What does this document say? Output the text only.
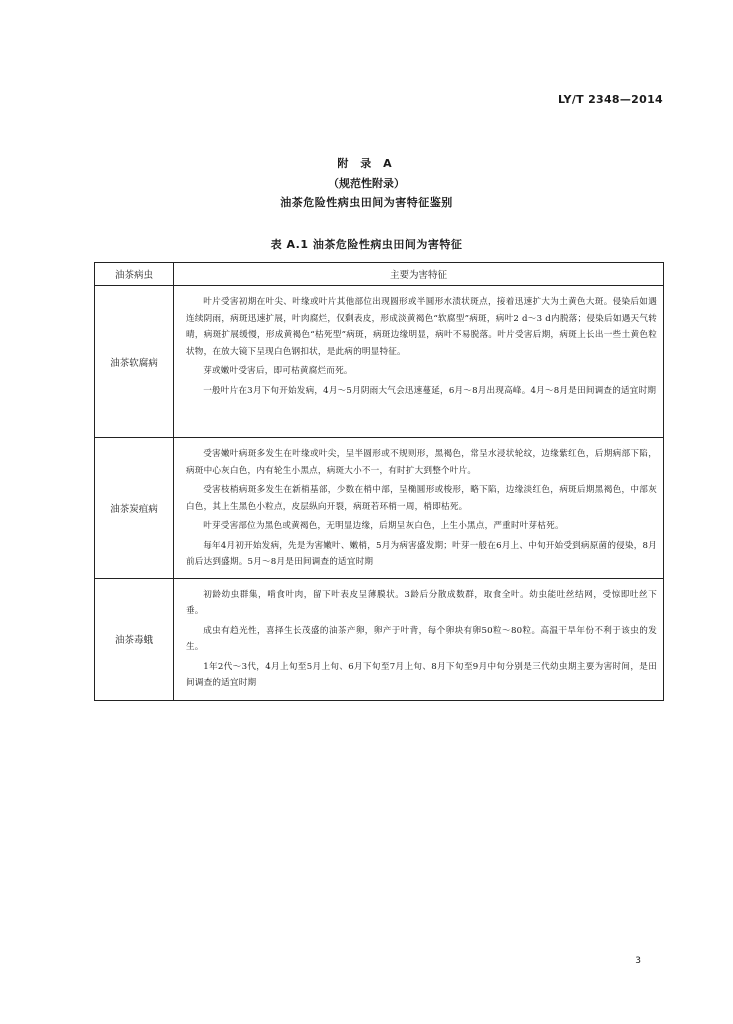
LY/T 2348—2014
附 录 A
（规范性附录）
油茶危险性病虫田间为害特征鉴别
表 A.1 油茶危险性病虫田间为害特征
油茶病虫	主要为害特征
油茶软腐病	叶片受害初期在叶尖、叶缘或叶片其他部位出现圆形或半圆形水渍状斑点，接着迅速扩大为土黄色大斑。侵染后如遇连续阴雨，病斑迅速扩展，叶肉腐烂，仅剩表皮，形成淡黄褐色“软腐型”病斑，病叶2 d～3 d内脱落；侵染后如遇天气转晴，病斑扩展缓慢，形成黄褐色“枯死型”病斑，病斑边缘明显，病叶不易脱落。叶片受害后期，病斑上长出一些土黄色粒状物，在放大镜下呈现白色钢扣状，是此病的明显特征。

芽或嫩叶受害后，即可枯黄腐烂而死。

一般叶片在3月下旬开始发病，4月～5月阴雨大气会迅速蔓延，6月～8月出现高峰。4月～8月是田间调查的适宜时期

油茶炭疽病	受害嫩叶病斑多发生在叶缘或叶尖，呈半圆形或不规则形，黑褐色，常呈水浸状轮纹，边缘紫红色，后期病部下陷，病斑中心灰白色，内有轮生小黑点，病斑大小不一，有时扩大到整个叶片。

受害枝梢病斑多发生在新梢基部，少数在梢中部，呈椭圆形或梭形，略下陷，边缘淡红色，病斑后期黑褐色，中部灰白色，其上生黑色小粒点，皮层纵向开裂，病斑若环梢一周，梢即枯死。

叶芽受害部位为黑色或黄褐色，无明显边缘，后期呈灰白色，上生小黑点，严重时叶芽枯死。

每年4月初开始发病，先是为害嫩叶、嫩梢，5月为病害盛发期；叶芽一般在6月上、中旬开始受到病原菌的侵染，8月前后达到盛期。5月～8月是田间调查的适宜时期

油茶毒蛾	初龄幼虫群集，啃食叶肉，留下叶表皮呈薄膜状。3龄后分散成数群，取食全叶。幼虫能吐丝结网，受惊即吐丝下垂。

成虫有趋光性，喜择生长茂盛的油茶产卵，卵产于叶背，每个卵块有卵50粒～80粒。高温干旱年份不利于该虫的发生。

1年2代～3代，4月上旬至5月上旬、6月下旬至7月上旬、8月下旬至9月中旬分别是三代幼虫期主要为害时间，是田间调查的适宜时期

3
